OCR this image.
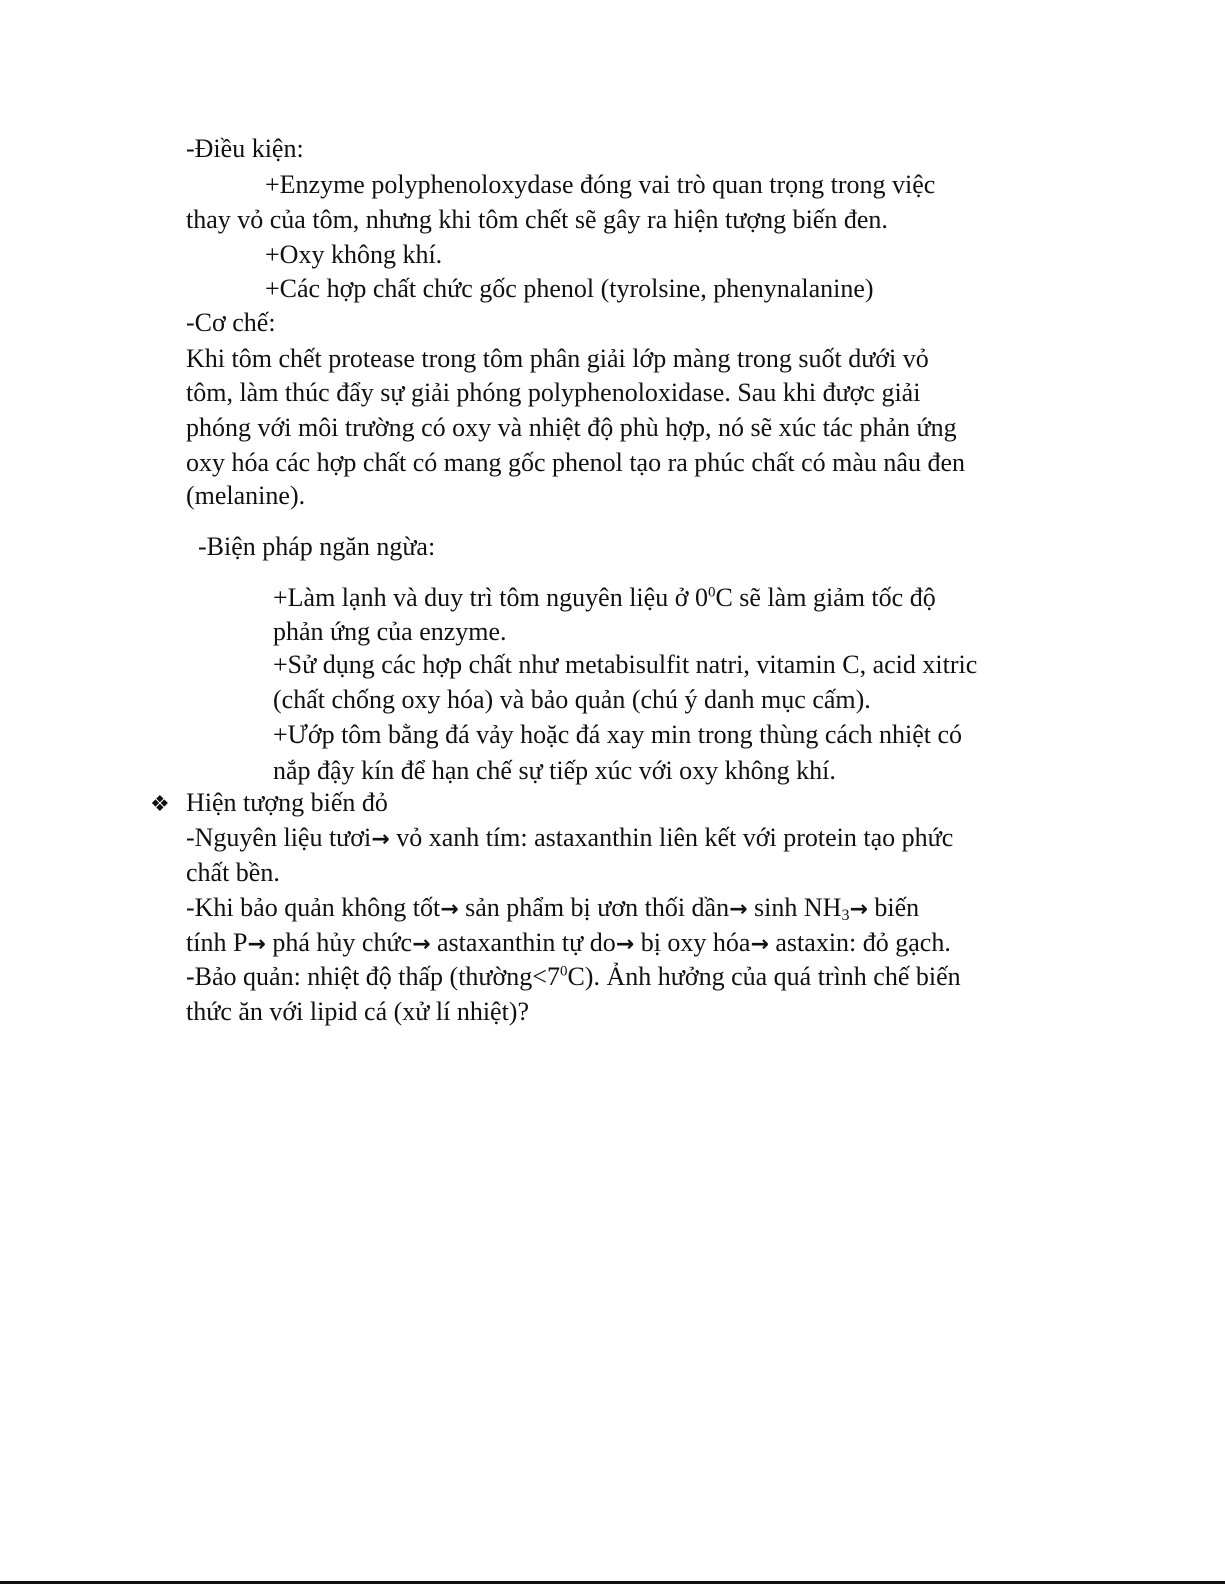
-Điều kiện:
+Enzyme polyphenoloxydase đóng vai trò quan trọng trong việc
thay vỏ của tôm, nhưng khi tôm chết sẽ gây ra hiện tượng biến đen.
+Oxy không khí.
+Các hợp chất chức gốc phenol (tyrolsine, phenynalanine)
-Cơ chế:
Khi tôm chết protease trong tôm phân giải lớp màng trong suốt dưới vỏ
tôm, làm thúc đẩy sự giải phóng polyphenoloxidase. Sau khi được giải
phóng với môi trường có oxy và nhiệt độ phù hợp, nó sẽ xúc tác phản ứng
oxy hóa các hợp chất có mang gốc phenol tạo ra phúc chất có màu nâu đen
(melanine).
-Biện pháp ngăn ngừa:
+Làm lạnh và duy trì tôm nguyên liệu ở $0^0C$ sẽ làm giảm tốc độ
phản ứng của enzyme.
+Sử dụng các hợp chất như metabisulfit natri, vitamin C, acid xitric
(chất chống oxy hóa) và bảo quản (chú ý danh mục cấm).
+Ướp tôm bằng đá vảy hoặc đá xay min trong thùng cách nhiệt có
nắp đậy kín để hạn chế sự tiếp xúc với oxy không khí.
❖ Hiện tượng biến đỏ
-Nguyên liệu tươi→ vỏ xanh tím: astaxanthin liên kết với protein tạo phức
chất bền.
-Khi bảo quản không tốt→ sản phẩm bị ươn thối dần→ $\sinh NH_3\to$ biến
tính P→ phá hủy chức→ astaxanthin tự do→ bị oxy hóa→ astaxin: đỏ gạch.
-Bảo quản: nhiệt độ thấp $(thường<7^0C)$. Ảnh hưởng của quá trình chế biến
thức ăn với lipid cá (xử lí nhiệt)?
